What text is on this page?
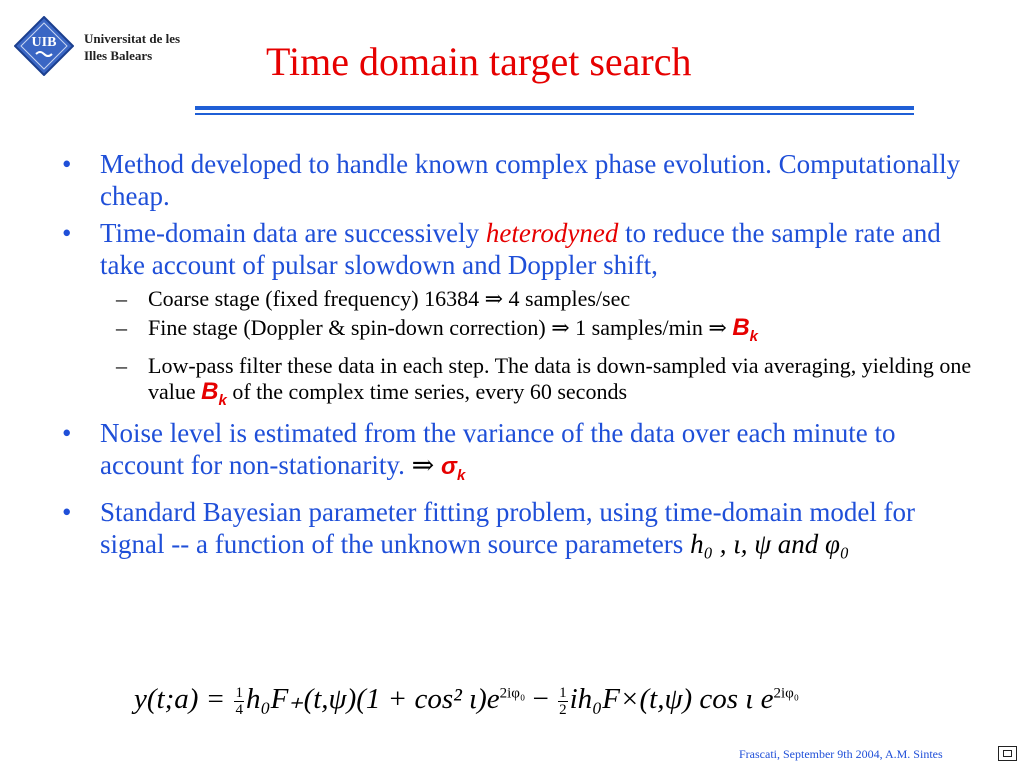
UIB Universitat de les
Illes Balears	Time domain target search
• Method developed to handle known complex phase evolution. Computationally cheap.
• Time-domain data are successively heterodyned to reduce the sample rate and take account of pulsar slowdown and Doppler shift,
– Coarse stage (fixed frequency) 16384 ⇒ 4 samples/sec
– Fine stage (Doppler & spin-down correction) ⇒ 1 samples/min ⇒ $B_k$
– Low-pass filter these data in each step. The data is down-sampled via averaging, yielding one value $B_k$ of the complex time series, every 60 seconds
• Noise level is estimated from the variance of the data over each minute to account for non-stationarity. ⇒ $\sigma_k$
• Standard Bayesian parameter fitting problem, using time-domain model for signal -- a function of the unknown source parameters h₀ , ι, ψ and φ₀
y(t;a) = $\frac{1}{4} h_0F_+(t,\psi)(1 + \cos^2$ $\iota)e^{2i\varphi_0} - \frac{1}{2} ih_0F\times(t,\psi)$ cos ι $e^{2i\varphi_0}$
Frascati, September 9th 2004, A.M. Sintes
